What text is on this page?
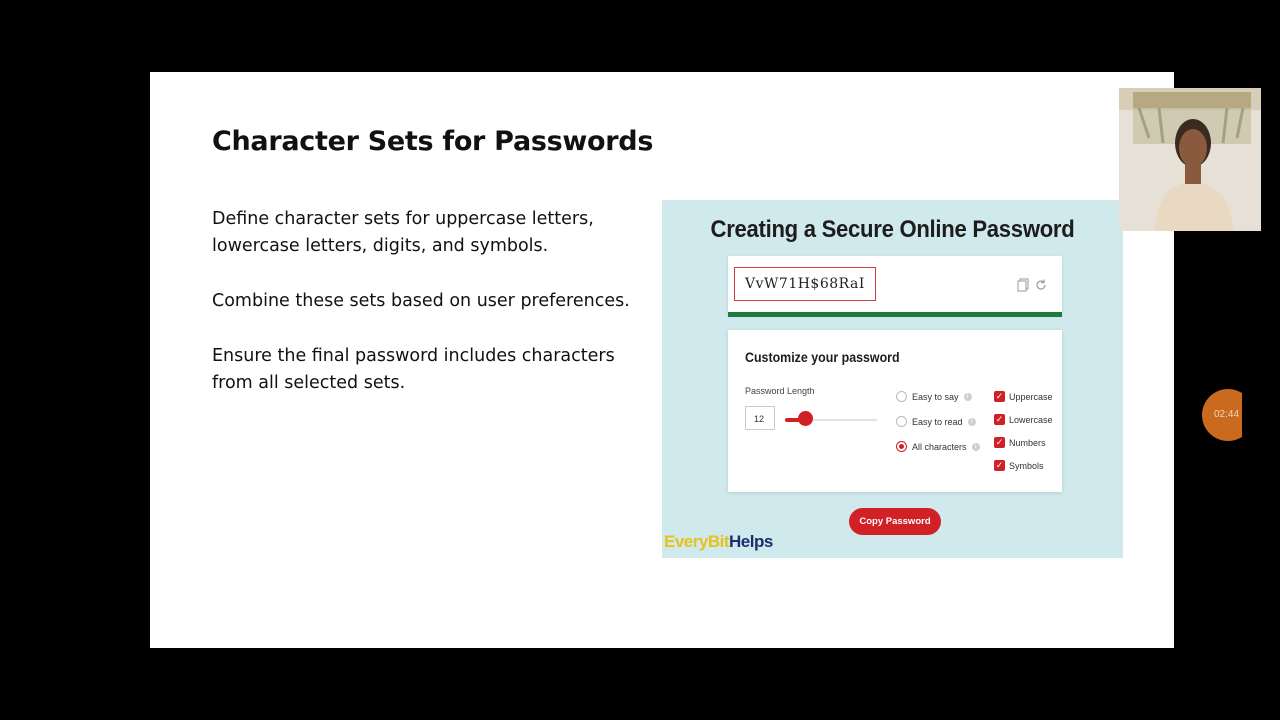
Character Sets for Passwords

Define character sets for uppercase letters, lowercase letters, digits, and symbols.

Combine these sets based on user preferences.

Ensure the final password includes characters from all selected sets.

Creating a Secure Online Password
VvW71H$68RaI
Customize your password
Password Length
12
Easy to say	i
Easy to read	i
All characters	i
✓ Uppercase
✓ Lowercase
✓ Numbers
✓ Symbols
Copy Password
EveryBitHelps
02:44
